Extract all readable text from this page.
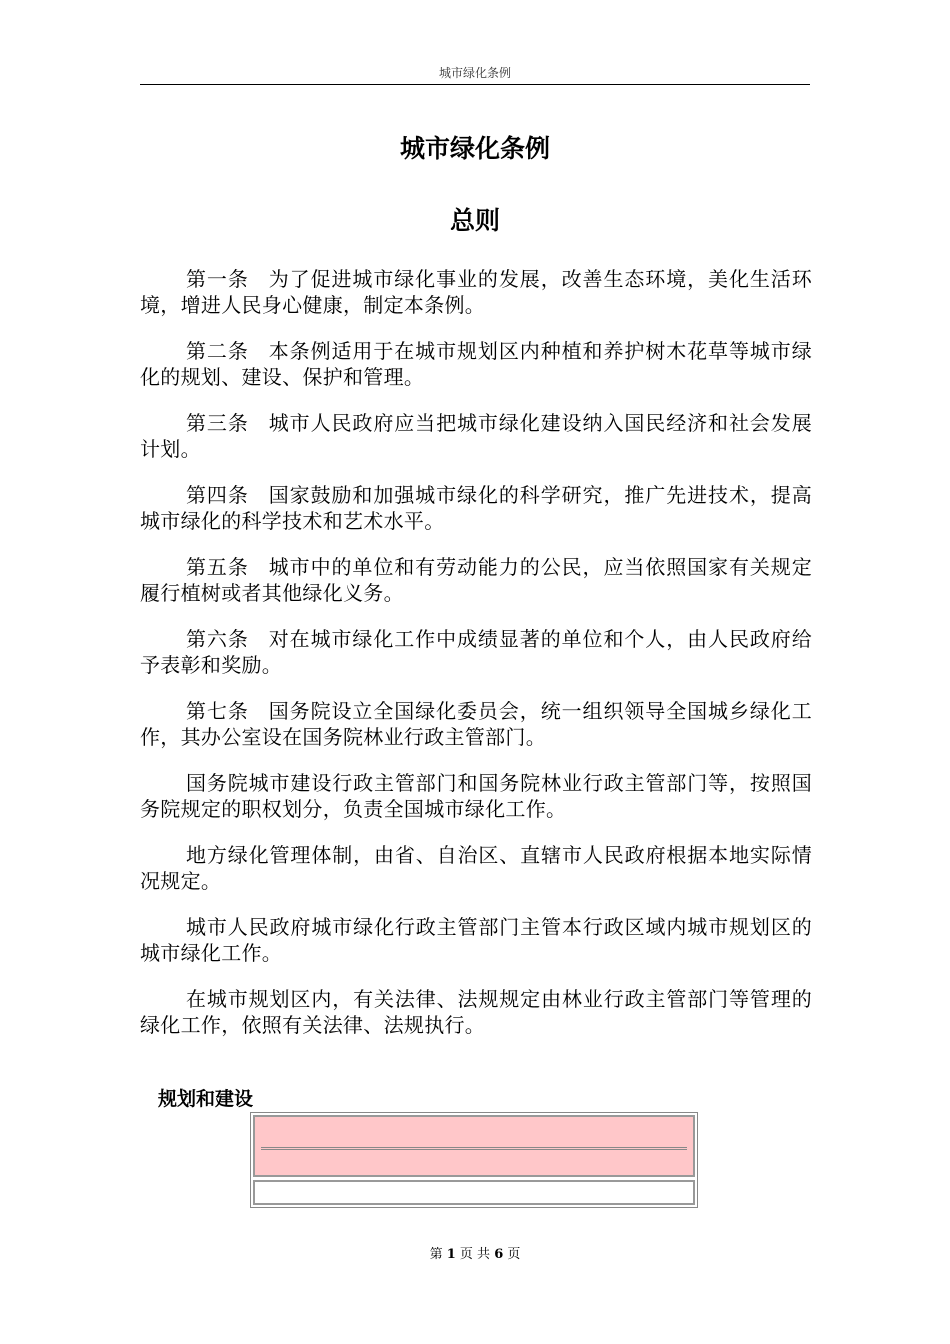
城市绿化条例
城市绿化条例
总则

第一条 为了促进城市绿化事业的发展，改善生态环境，美化生活环境，增进人民身心健康，制定本条例。

第二条 本条例适用于在城市规划区内种植和养护树木花草等城市绿化的规划、建设、保护和管理。

第三条 城市人民政府应当把城市绿化建设纳入国民经济和社会发展计划。

第四条 国家鼓励和加强城市绿化的科学研究，推广先进技术，提高城市绿化的科学技术和艺术水平。

第五条 城市中的单位和有劳动能力的公民，应当依照国家有关规定履行植树或者其他绿化义务。

第六条 对在城市绿化工作中成绩显著的单位和个人，由人民政府给予表彰和奖励。

第七条 国务院设立全国绿化委员会，统一组织领导全国城乡绿化工作，其办公室设在国务院林业行政主管部门。

国务院城市建设行政主管部门和国务院林业行政主管部门等，按照国务院规定的职权划分，负责全国城市绿化工作。

地方绿化管理体制，由省、自治区、直辖市人民政府根据本地实际情况规定。

城市人民政府城市绿化行政主管部门主管本行政区域内城市规划区的城市绿化工作。

在城市规划区内，有关法律、法规规定由林业行政主管部门等管理的绿化工作，依照有关法律、法规执行。

规划和建设
第 1 页 共 6 页
